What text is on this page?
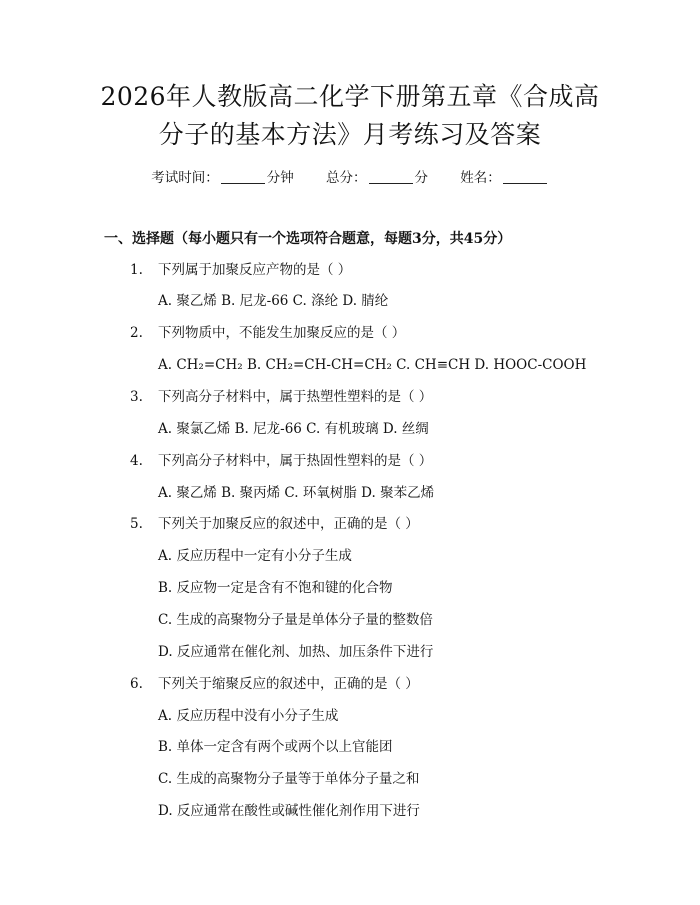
2026年人教版高二化学下册第五章《合成高
分子的基本方法》月考练习及答案
考试时间：	分钟 总分：	分 姓名：
一、选择题（每小题只有一个选项符合题意，每题3分，共45分）
1. 下列属于加聚反应产物的是（ ）
A. 聚乙烯 B. 尼龙-66 C. 涤纶 D. 腈纶
2. 下列物质中，不能发生加聚反应的是（ ）
A. CH₂=CH₂ B. CH₂=CH-CH=CH₂ C. CH≡CH D. HOOC-COOH
3. 下列高分子材料中，属于热塑性塑料的是（ ）
A. 聚氯乙烯 B. 尼龙-66 C. 有机玻璃 D. 丝绸
4. 下列高分子材料中，属于热固性塑料的是（ ）
A. 聚乙烯 B. 聚丙烯 C. 环氧树脂 D. 聚苯乙烯
5. 下列关于加聚反应的叙述中，正确的是（ ）
A. 反应历程中一定有小分子生成
B. 反应物一定是含有不饱和键的化合物
C. 生成的高聚物分子量是单体分子量的整数倍
D. 反应通常在催化剂、加热、加压条件下进行
6. 下列关于缩聚反应的叙述中，正确的是（ ）
A. 反应历程中没有小分子生成
B. 单体一定含有两个或两个以上官能团
C. 生成的高聚物分子量等于单体分子量之和
D. 反应通常在酸性或碱性催化剂作用下进行
